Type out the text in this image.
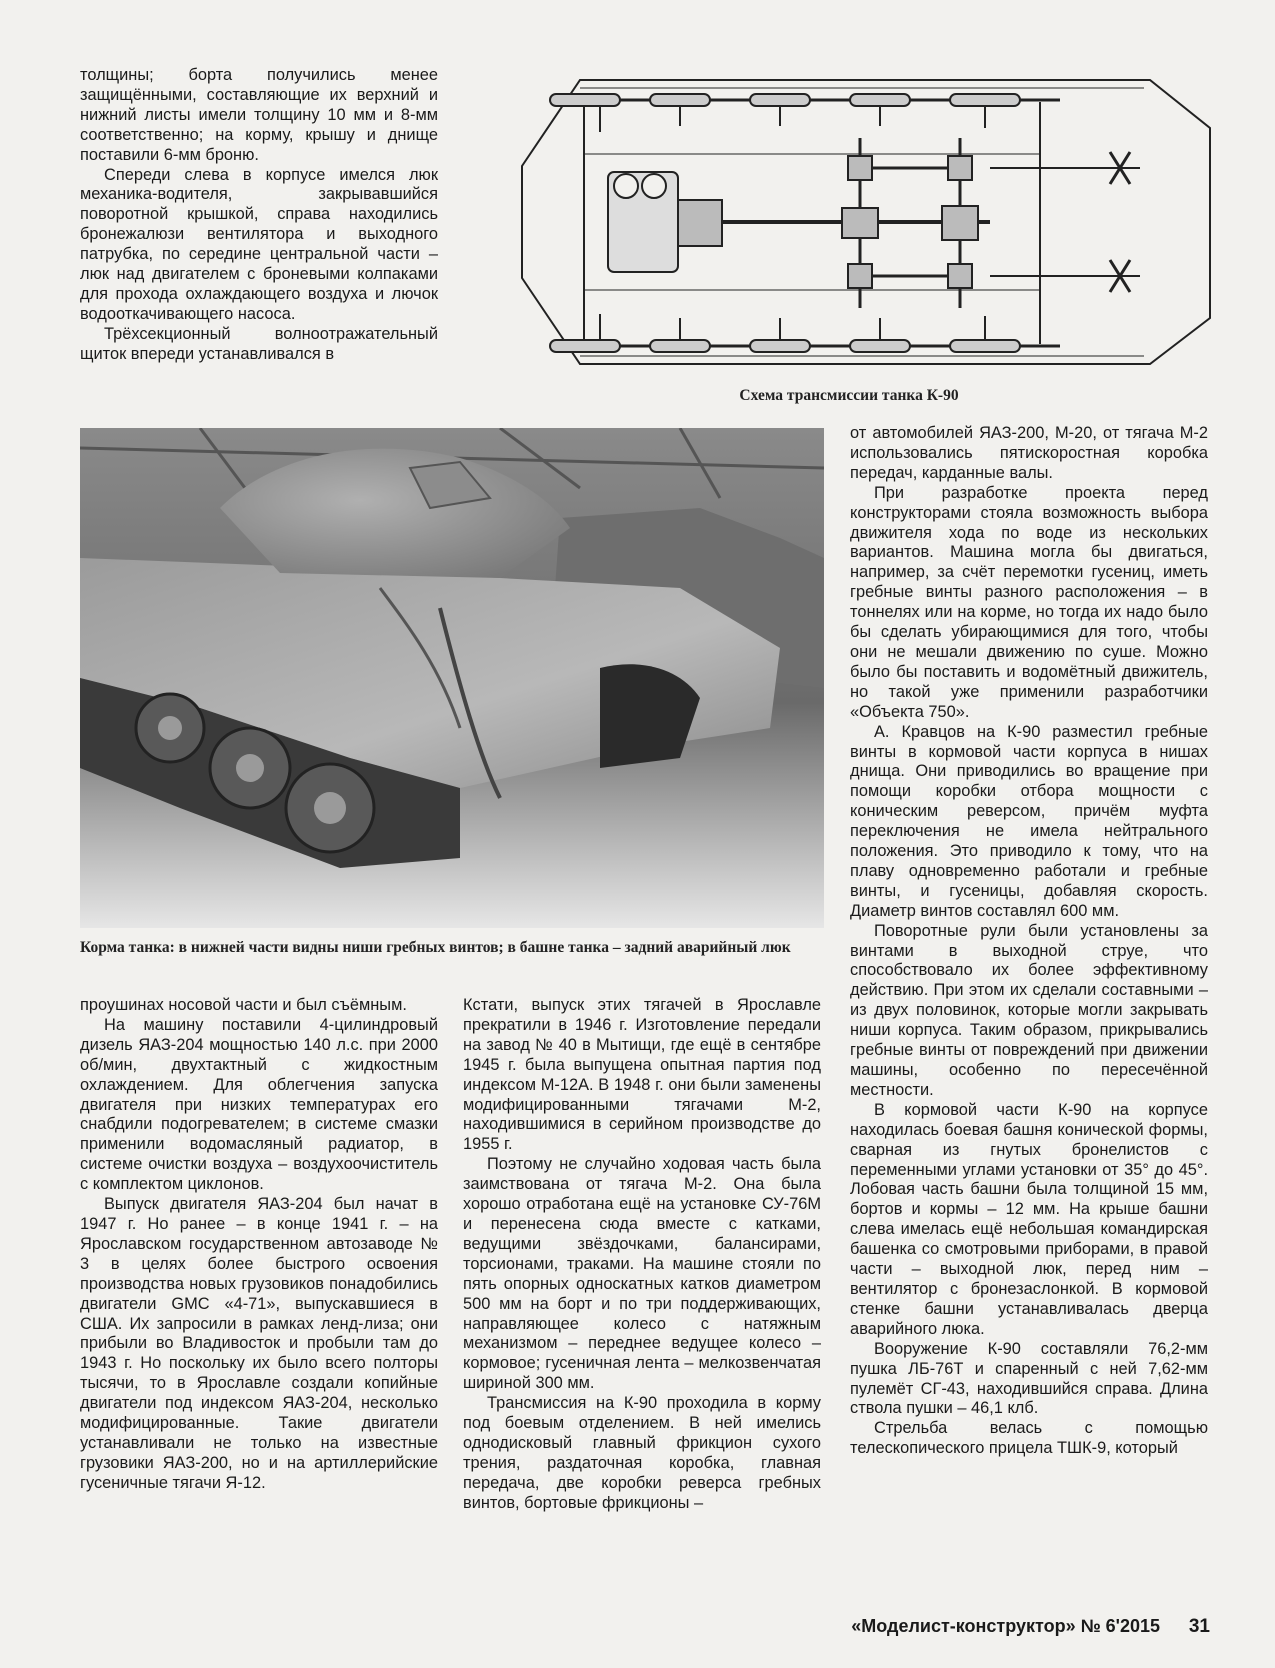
толщины; борта получились менее защищёнными, составляющие их верхний и нижний листы имели толщину 10 мм и 8-мм соответственно; на корму, крышу и днище поставили 6-мм броню.

Спереди слева в корпусе имелся люк механика-водителя, закрывавшийся поворотной крышкой, справа находились бронежалюзи вентилятора и выходного патрубка, по середине центральной части – люк над двигателем с броневыми колпаками для прохода охлаждающего воздуха и лючок водооткачивающего насоса.

Трёхсекционный волноотражательный щиток впереди устанавливался в

Схема трансмиссии танка К-90
Корма танка: в нижней части видны ниши гребных винтов; в башне танка – задний аварийный люк

проушинах носовой части и был съёмным.

На машину поставили 4-цилиндровый дизель ЯАЗ-204 мощностью 140 л.с. при 2000 об/мин, двухтактный с жидкостным охлаждением. Для облегчения запуска двигателя при низких температурах его снабдили подогревателем; в системе смазки применили водомасляный радиатор, в системе очистки воздуха – воздухоочиститель с комплектом циклонов.

Выпуск двигателя ЯАЗ-204 был начат в 1947 г. Но ранее – в конце 1941 г. – на Ярославском государственном автозаводе № 3 в целях более быстрого освоения производства новых грузовиков понадобились двигатели GMC «4-71», выпускавшиеся в США. Их запросили в рамках ленд-лиза; они прибыли во Владивосток и пробыли там до 1943 г. Но поскольку их было всего полторы тысячи, то в Ярославле создали копийные двигатели под индексом ЯАЗ-204, несколько модифицированные. Такие двигатели устанавливали не только на известные грузовики ЯАЗ-200, но и на артиллерийские гусеничные тягачи Я-12.

Кстати, выпуск этих тягачей в Ярославле прекратили в 1946 г. Изготовление передали на завод № 40 в Мытищи, где ещё в сентябре 1945 г. была выпущена опытная партия под индексом М-12А. В 1948 г. они были заменены модифицированными тягачами М-2, находившимися в серийном производстве до 1955 г.

Поэтому не случайно ходовая часть была заимствована от тягача М-2. Она была хорошо отработана ещё на установке СУ-76М и перенесена сюда вместе с катками, ведущими звёздочками, балансирами, торсионами, траками. На машине стояли по пять опорных односкатных катков диаметром 500 мм на борт и по три поддерживающих, направляющее колесо с натяжным механизмом – переднее ведущее колесо – кормовое; гусеничная лента – мелкозвенчатая шириной 300 мм.

Трансмиссия на К-90 проходила в корму под боевым отделением. В ней имелись однодисковый главный фрикцион сухого трения, раздаточная коробка, главная передача, две коробки реверса гребных винтов, бортовые фрикционы –

от автомобилей ЯАЗ-200, М-20, от тягача М-2 использовались пятискоростная коробка передач, карданные валы.

При разработке проекта перед конструкторами стояла возможность выбора движителя хода по воде из нескольких вариантов. Машина могла бы двигаться, например, за счёт перемотки гусениц, иметь гребные винты разного расположения – в тоннелях или на корме, но тогда их надо было бы сделать убирающимися для того, чтобы они не мешали движению по суше. Можно было бы поставить и водомётный движитель, но такой уже применили разработчики «Объекта 750».

А. Кравцов на К-90 разместил гребные винты в кормовой части корпуса в нишах днища. Они приводились во вращение при помощи коробки отбора мощности с коническим реверсом, причём муфта переключения не имела нейтрального положения. Это приводило к тому, что на плаву одновременно работали и гребные винты, и гусеницы, добавляя скорость. Диаметр винтов составлял 600 мм.

Поворотные рули были установлены за винтами в выходной струе, что способствовало их более эффективному действию. При этом их сделали составными – из двух половинок, которые могли закрывать ниши корпуса. Таким образом, прикрывались гребные винты от повреждений при движении машины, особенно по пересечённой местности.

В кормовой части К-90 на корпусе находилась боевая башня конической формы, сварная из гнутых бронелистов с переменными углами установки от 35° до 45°. Лобовая часть башни была толщиной 15 мм, бортов и кормы – 12 мм. На крыше башни слева имелась ещё небольшая командирская башенка со смотровыми приборами, в правой части – выходной люк, перед ним – вентилятор с бронезаслонкой. В кормовой стенке башни устанавливалась дверца аварийного люка.

Вооружение К-90 составляли 76,2-мм пушка ЛБ-76Т и спаренный с ней 7,62-мм пулемёт СГ-43, находившийся справа. Длина ствола пушки – 46,1 клб.

Стрельба велась с помощью телескопического прицела ТШК-9, который

«Моделист-конструктор» № 6'2015 31
